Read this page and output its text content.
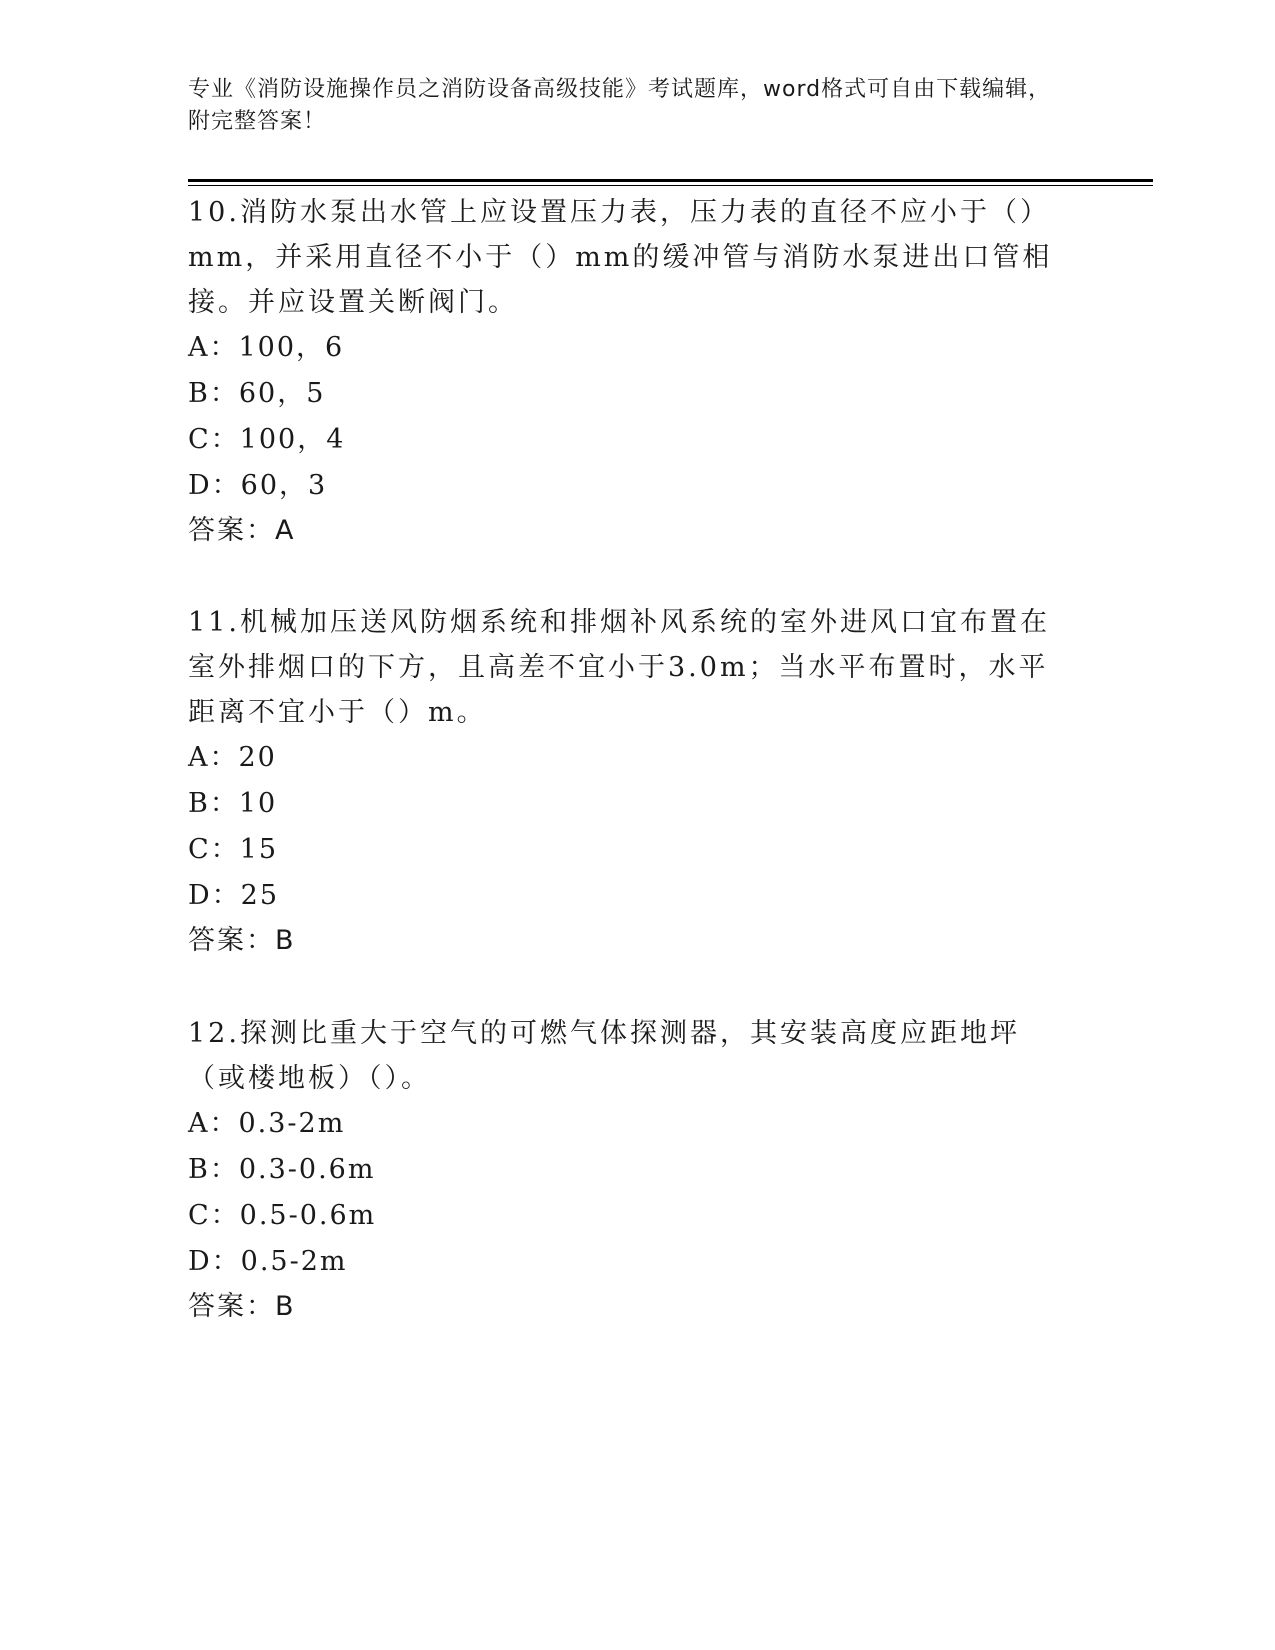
专业《消防设施操作员之消防设备高级技能》考试题库，word格式可自由下载编辑，附完整答案！

10.消防水泵出水管上应设置压力表，压力表的直径不应小于（）mm，并采用直径不小于（）mm的缓冲管与消防水泵进出口管相接。并应设置关断阀门。

A：100，6

B：60，5

C：100，4

D：60，3

答案：A

11.机械加压送风防烟系统和排烟补风系统的室外进风口宜布置在室外排烟口的下方，且高差不宜小于3.0m；当水平布置时，水平距离不宜小于（）m。

A：20

B：10

C：15

D：25

答案：B

12.探测比重大于空气的可燃气体探测器，其安装高度应距地坪（或楼地板）（）。

A：0.3-2m

B：0.3-0.6m

C：0.5-0.6m

D：0.5-2m

答案：B
